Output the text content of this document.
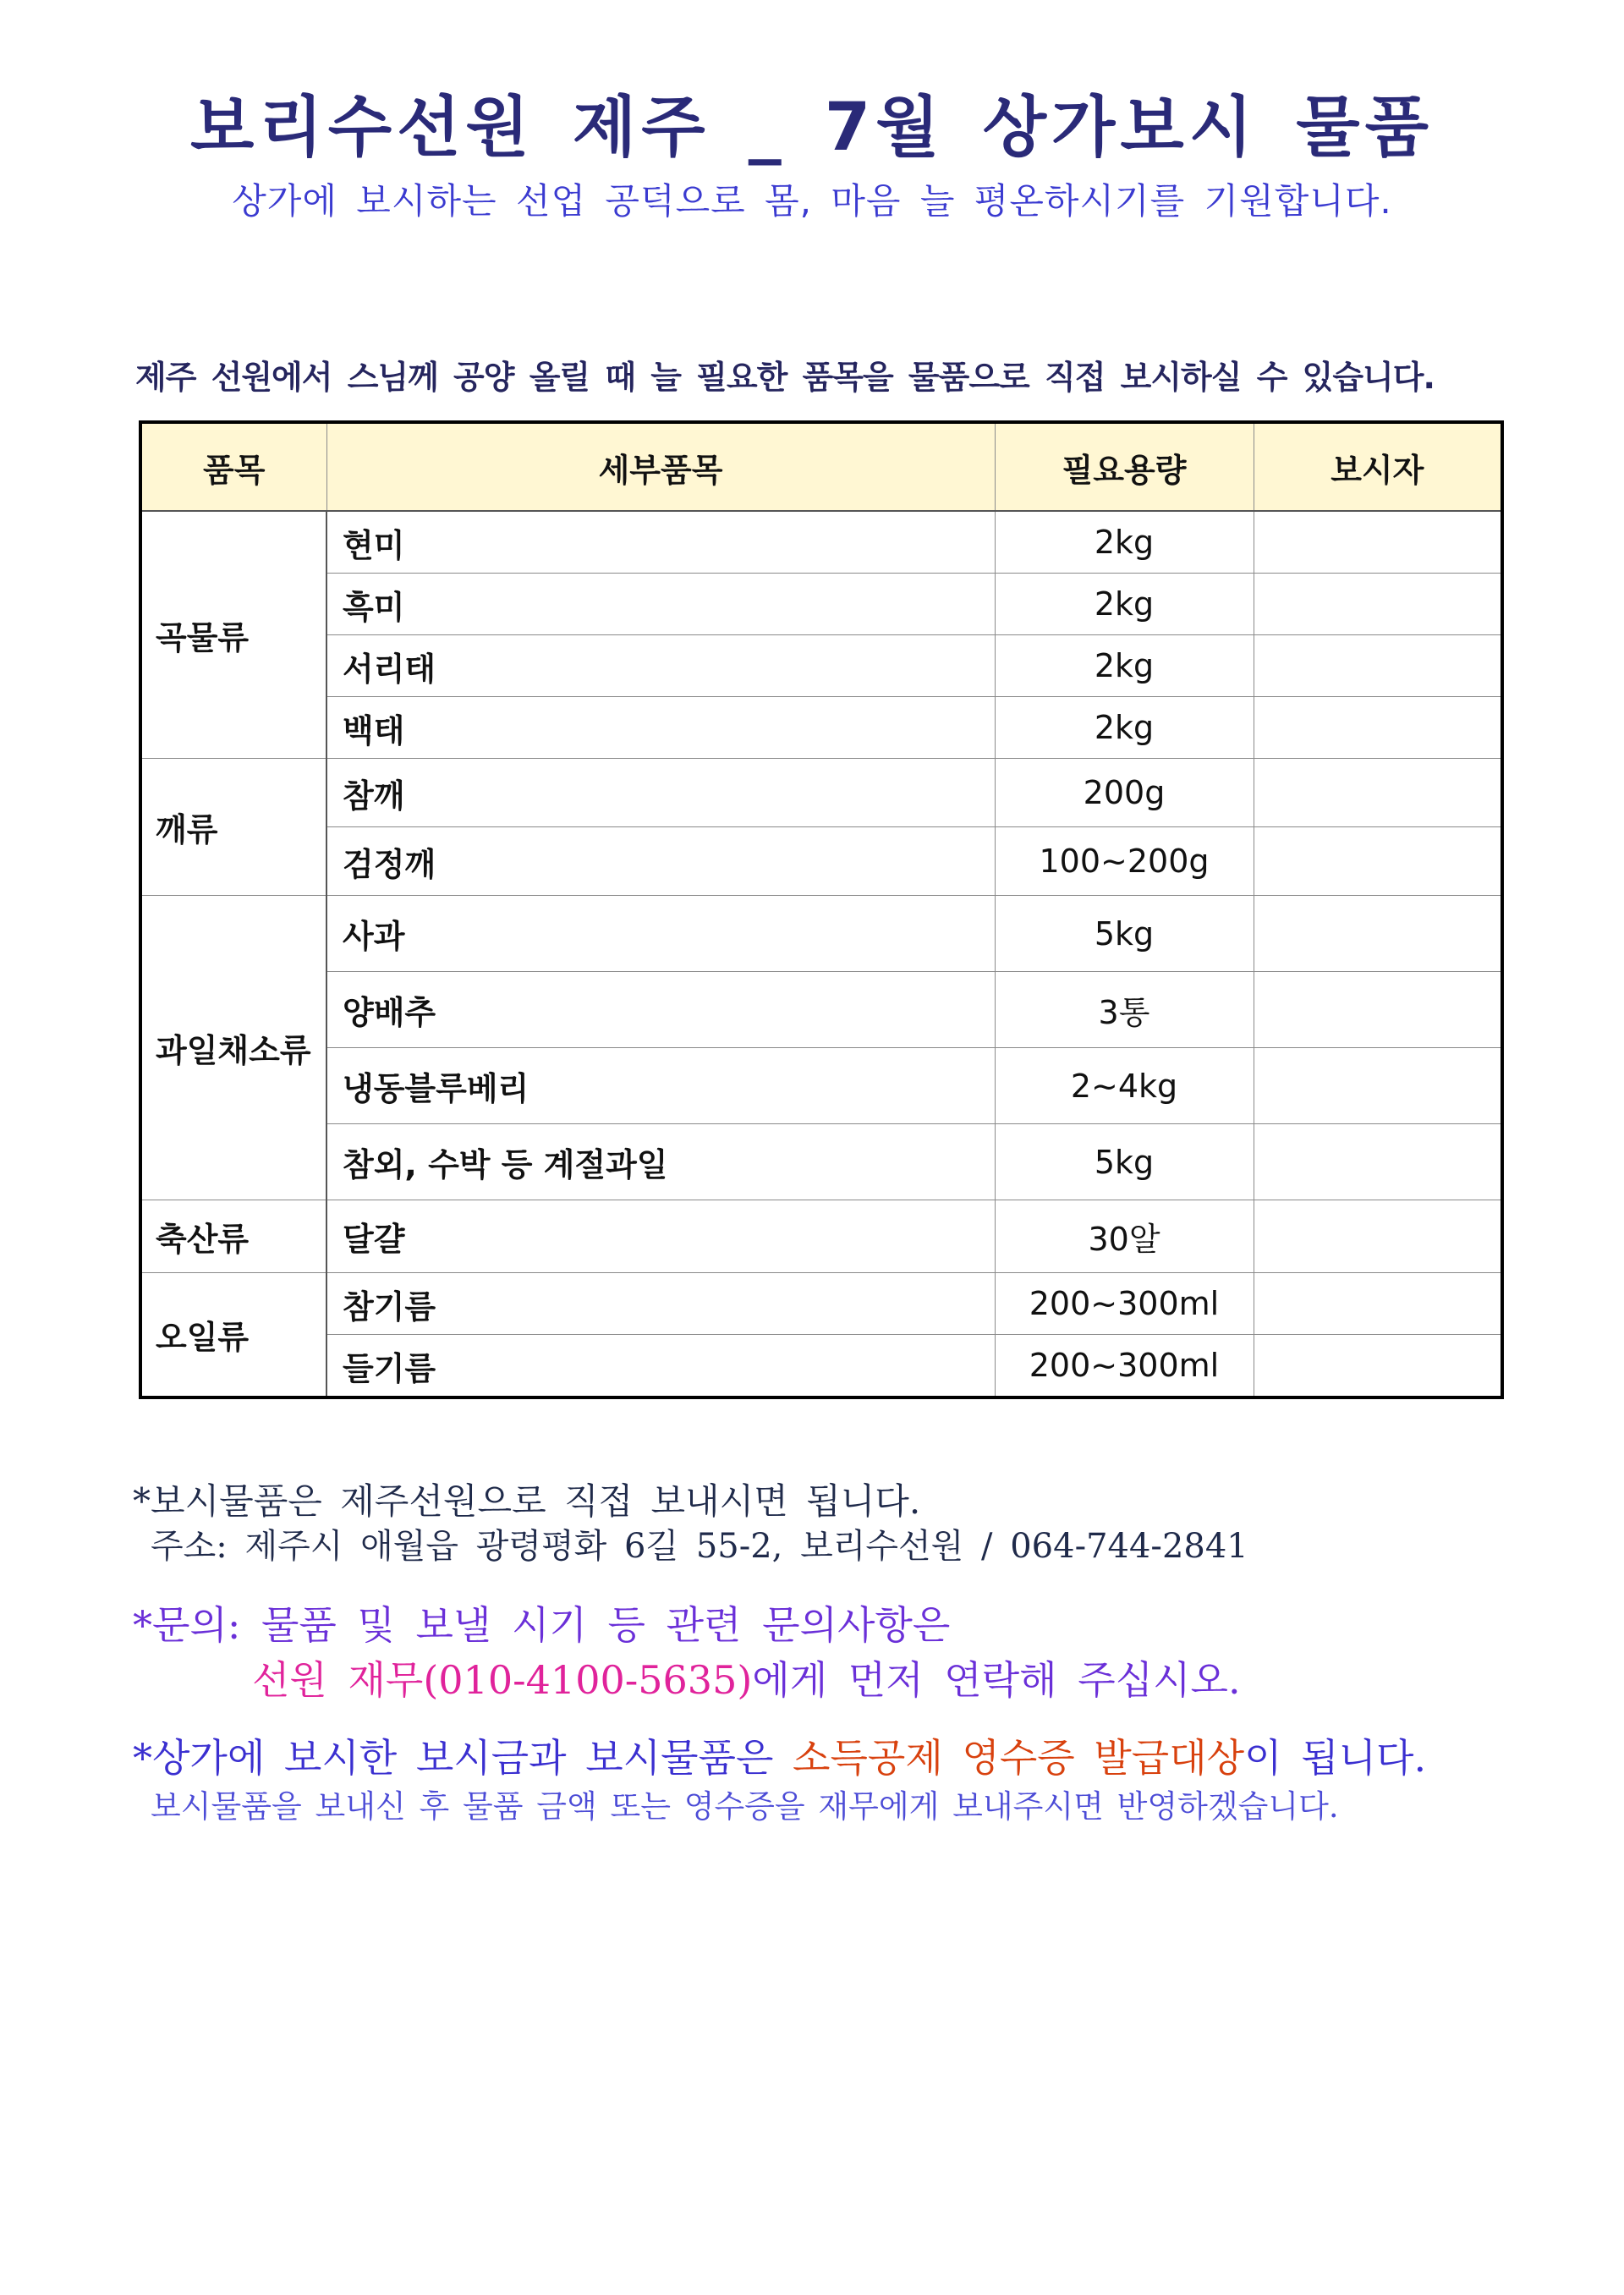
보리수선원 제주 _ 7월 상가보시 물품
상가에 보시하는 선업 공덕으로 몸, 마음 늘 평온하시기를 기원합니다.
제주 선원에서 스님께 공양 올릴 때 늘 필요한 품목을 물품으로 직접 보시하실 수 있습니다.
품목	세부품목	필요용량	보시자
곡물류	현미	2kg	
	흑미	2kg	
	서리태	2kg	
	백태	2kg	
깨류	참깨	200g	
	검정깨	100~200g	
과일채소류	사과	5kg	
	양배추	3통	
	냉동블루베리	2~4kg	
	참외, 수박 등 계절과일	5kg	
축산류	달걀	30알	
오일류	참기름	200~300ml	
	들기름	200~300ml	
*보시물품은 제주선원으로 직접 보내시면 됩니다.
주소: 제주시 애월읍 광령평화 6길 55-2, 보리수선원 / 064-744-2841
*문의: 물품 및 보낼 시기 등 관련 문의사항은
선원 재무(010-4100-5635)에게 먼저 연락해 주십시오.
*상가에 보시한 보시금과 보시물품은 소득공제 영수증 발급대상이 됩니다.
보시물품을 보내신 후 물품 금액 또는 영수증을 재무에게 보내주시면 반영하겠습니다.
